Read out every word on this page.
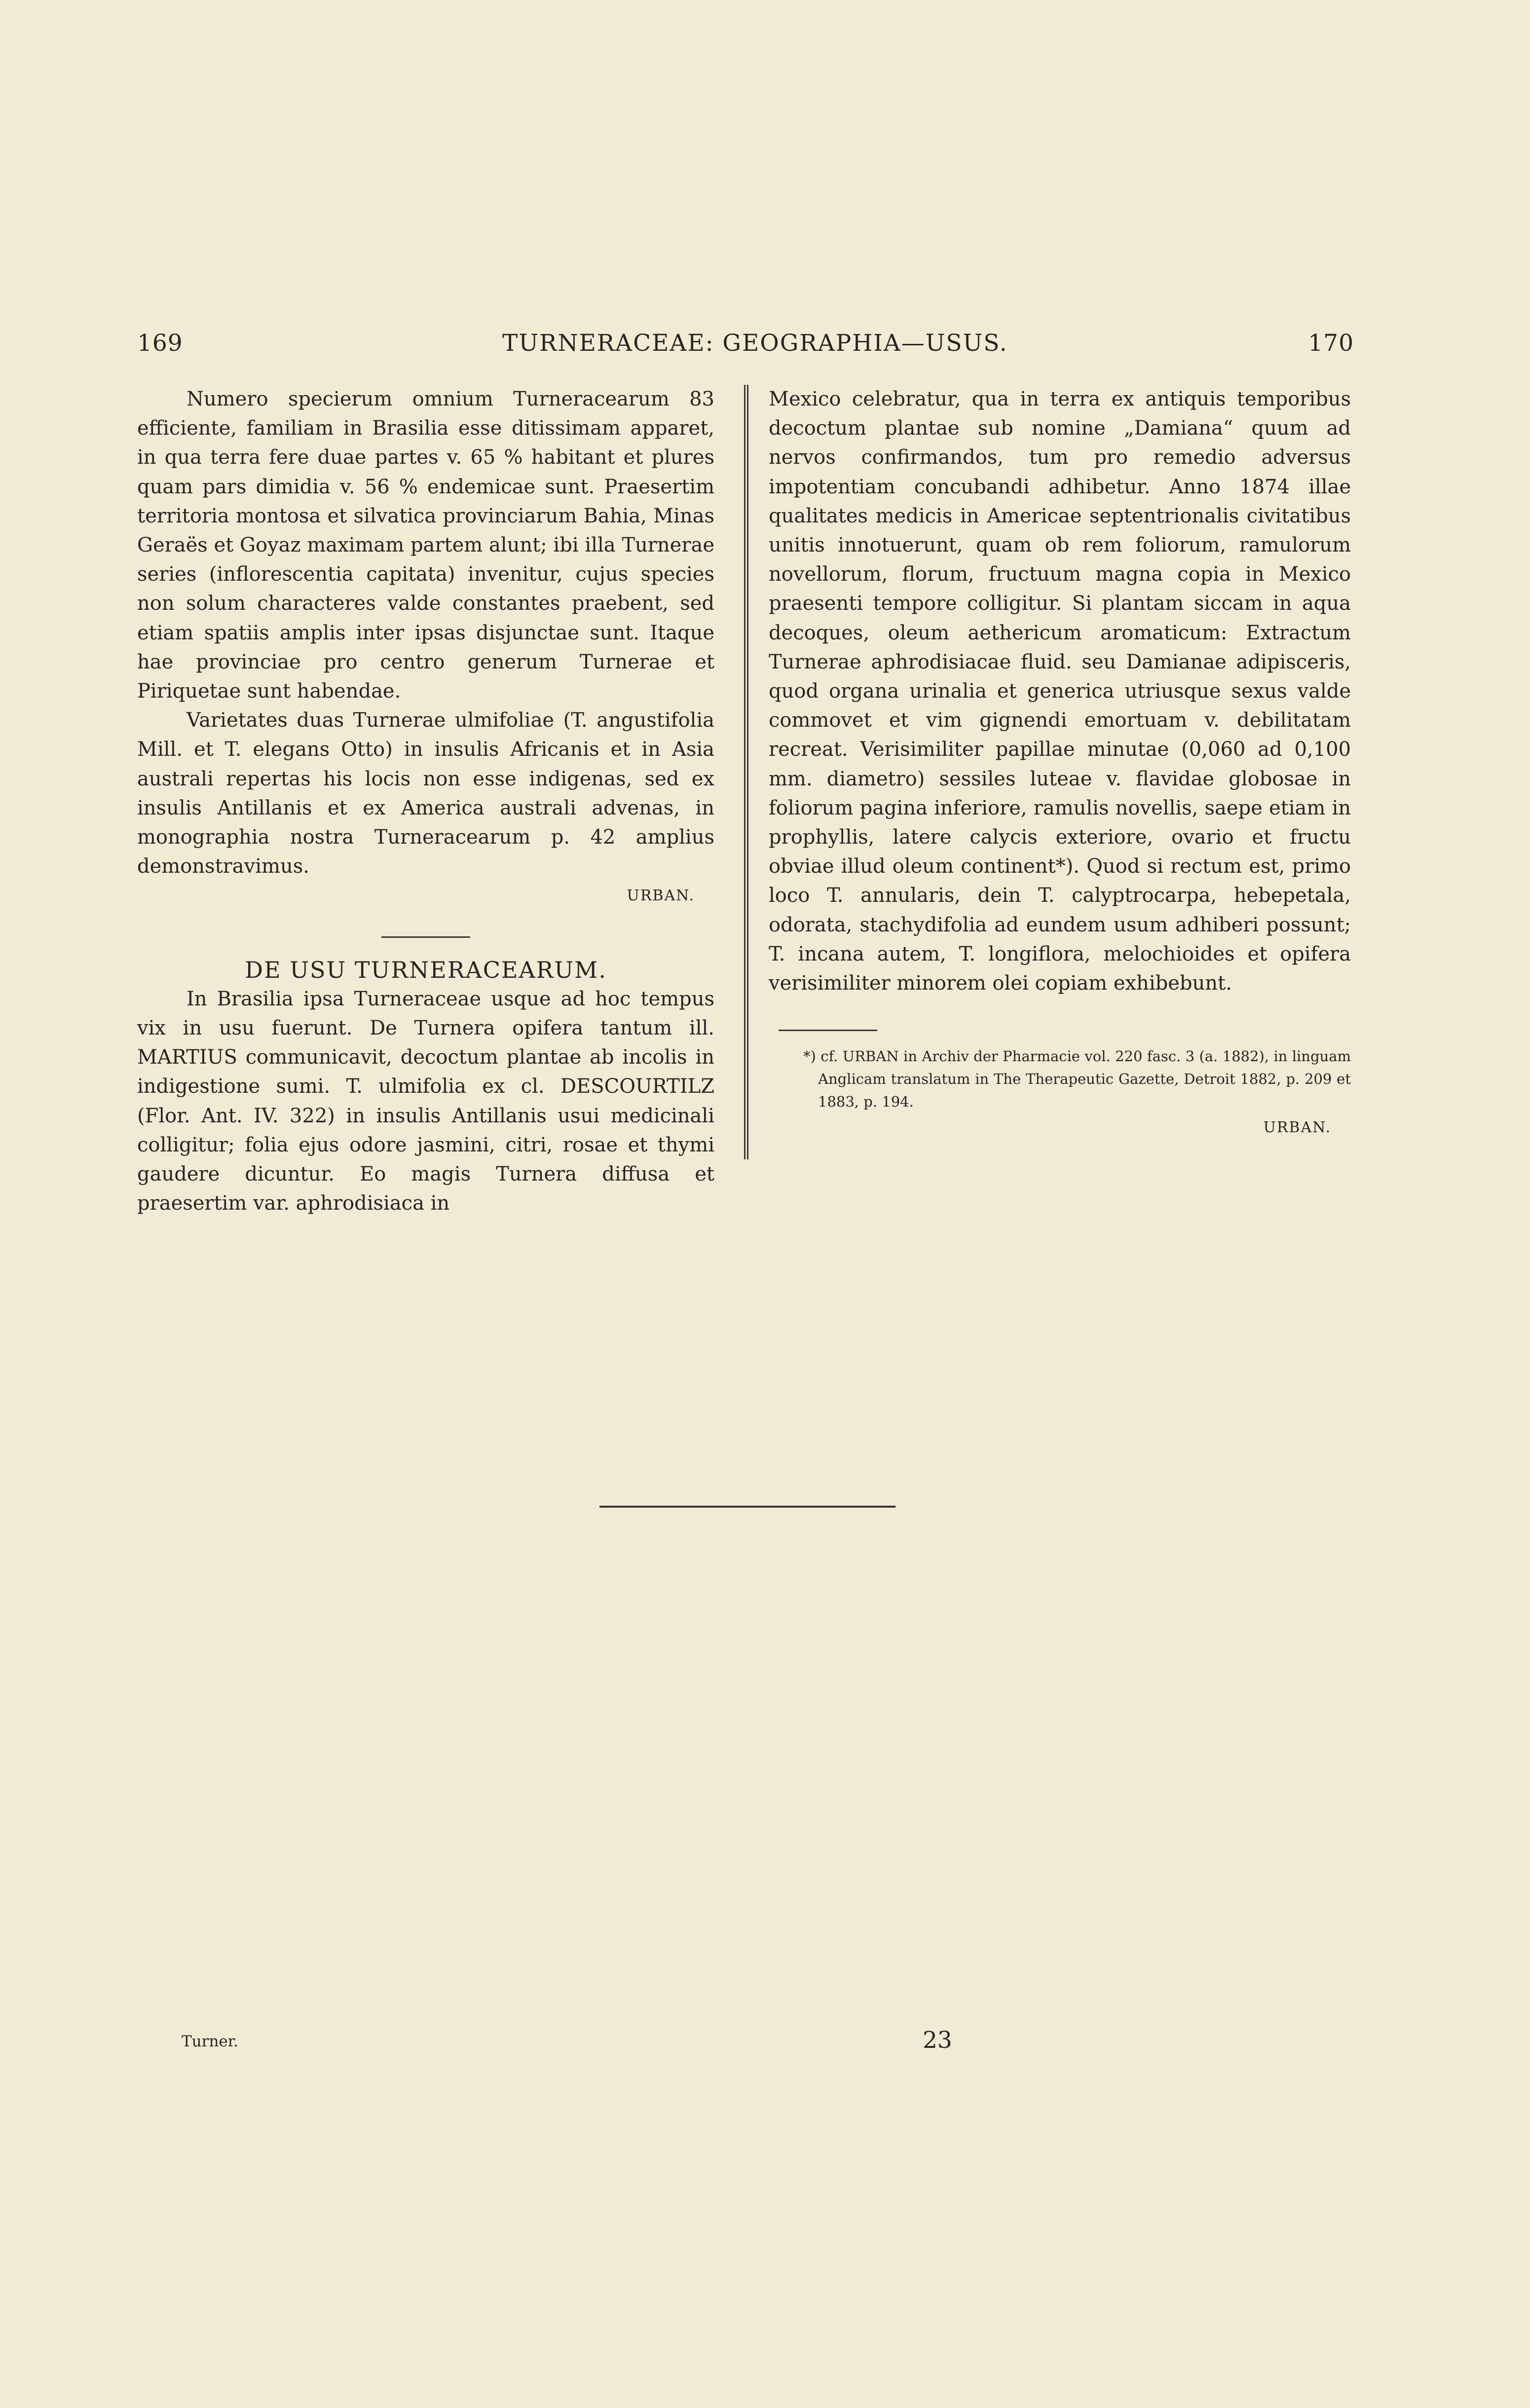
169	TURNERACEAE: GEOGRAPHIA—USUS.	170

Numero specierum omnium Turneracearum 83 efficiente, familiam in Brasilia esse ditissimam apparet, in qua terra fere duae partes v. 65 % habitant et plures quam pars dimidia v. 56 % endemicae sunt. Praesertim territoria montosa et silvatica provinciarum Bahia, Minas Geraës et Goyaz maximam partem alunt; ibi illa Turnerae series (inflorescentia capitata) invenitur, cujus species non solum characteres valde constantes praebent, sed etiam spatiis amplis inter ipsas disjunctae sunt. Itaque hae provinciae pro centro generum Turnerae et Piriquetae sunt habendae.

Varietates duas Turnerae ulmifoliae (T. angustifolia Mill. et T. elegans Otto) in insulis Africanis et in Asia australi repertas his locis non esse indigenas, sed ex insulis Antillanis et ex America australi advenas, in monographia nostra Turneracearum p. 42 amplius demonstravimus.

URBAN.

DE USU TURNERACEARUM.

In Brasilia ipsa Turneraceae usque ad hoc tempus vix in usu fuerunt. De Turnera opifera tantum ill. MARTIUS communicavit, decoctum plantae ab incolis in indigestione sumi. T. ulmifolia ex cl. DESCOURTILZ (Flor. Ant. IV. 322) in insulis Antillanis usui medicinali colligitur; folia ejus odore jasmini, citri, rosae et thymi gaudere dicuntur. Eo magis Turnera diffusa et praesertim var. aphrodisiaca in

Mexico celebratur, qua in terra ex antiquis temporibus decoctum plantae sub nomine „Damiana“ quum ad nervos confirmandos, tum pro remedio adversus impotentiam concubandi adhibetur. Anno 1874 illae qualitates medicis in Americae septentrionalis civitatibus unitis innotuerunt, quam ob rem foliorum, ramulorum novellorum, florum, fructuum magna copia in Mexico praesenti tempore colligitur. Si plantam siccam in aqua decoques, oleum aethericum aromaticum: Extractum Turnerae aphrodisiacae fluid. seu Damianae adipisceris, quod organa urinalia et generica utriusque sexus valde commovet et vim gignendi emortuam v. debilitatam recreat. Verisimiliter papillae minutae (0,060 ad 0,100 mm. diametro) sessiles luteae v. flavidae globosae in foliorum pagina inferiore, ramulis novellis, saepe etiam in prophyllis, latere calycis exteriore, ovario et fructu obviae illud oleum continent*). Quod si rectum est, primo loco T. annularis, dein T. calyptrocarpa, hebepetala, odorata, stachydifolia ad eundem usum adhiberi possunt; T. incana autem, T. longiflora, melochioides et opifera verisimiliter minorem olei copiam exhibebunt.

*) cf. URBAN in Archiv der Pharmacie vol. 220 fasc. 3 (a. 1882), in linguam Anglicam translatum in The Therapeutic Gazette, Detroit 1882, p. 209 et 1883, p. 194.

URBAN.

Turner.	23
